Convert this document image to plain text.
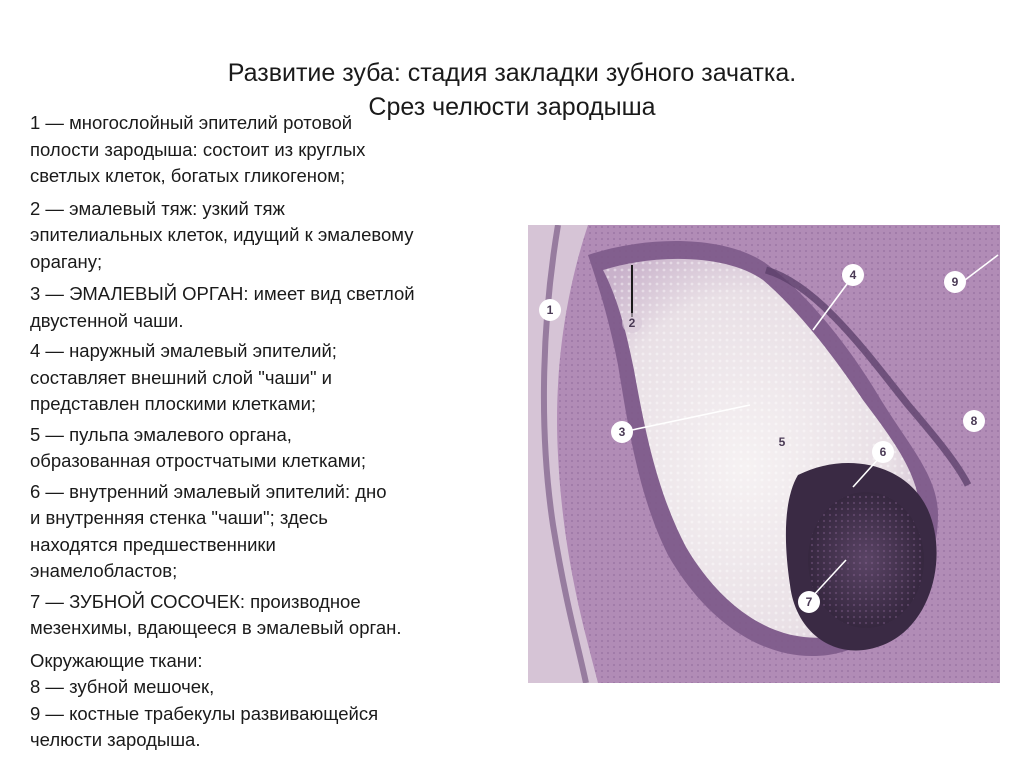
Развитие зуба: стадия закладки зубного зачатка.
Срез челюсти зародыша
1 — многослойный эпителий ротовой
полости зародыша: состоит из круглых
светлых клеток, богатых гликогеном;
2 — эмалевый тяж: узкий тяж
эпителиальных клеток, идущий к эмалевому
орагану;
3 — ЭМАЛЕВЫЙ ОРГАН: имеет вид светлой
двустенной чаши.
4 — наружный эмалевый эпителий;
составляет внешний слой "чаши" и
представлен плоскими клетками;
5 — пульпа эмалевого органа,
образованная отростчатыми клетками;
6 — внутренний эмалевый эпителий: дно
и внутренняя стенка "чаши"; здесь
находятся предшественники
энамелобластов;
7 — ЗУБНОЙ СОСОЧЕК: производное
мезенхимы, вдающееся в эмалевый орган.
Окружающие ткани:
8 — зубной мешочек,
9 — костные трабекулы развивающейся
челюсти зародыша.
1
2
3
4
5
6
7
8
9
